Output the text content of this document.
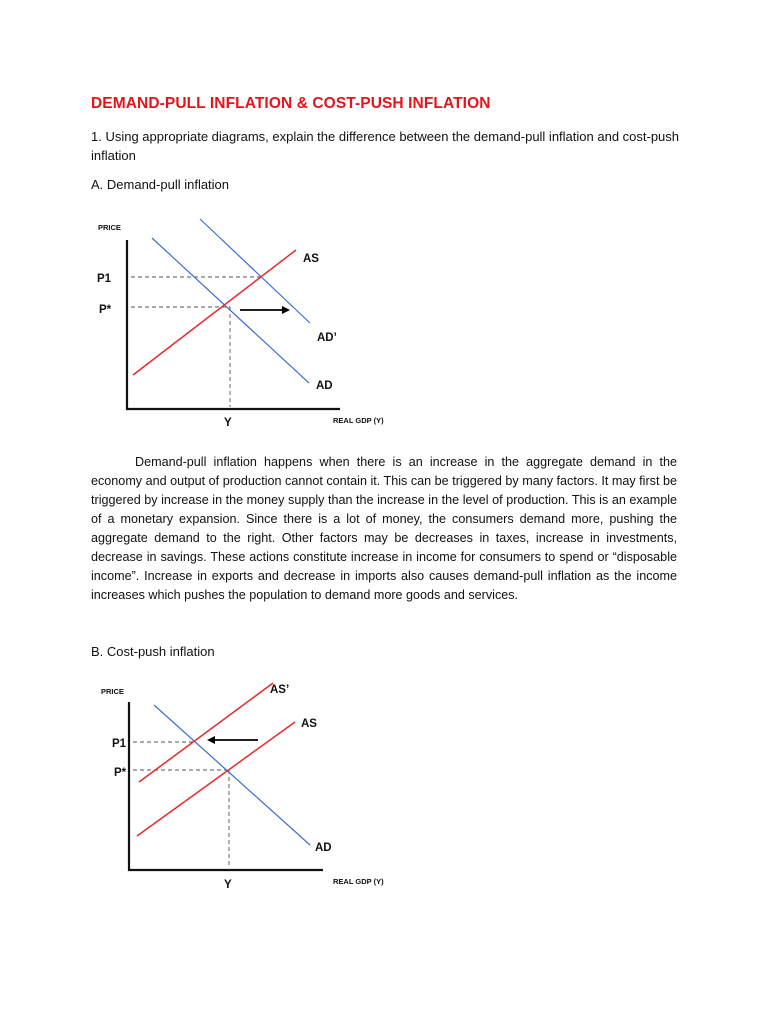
DEMAND-PULL INFLATION & COST-PUSH INFLATION

1. Using appropriate diagrams, explain the difference between the demand-pull inflation and cost-push inflation

A. Demand-pull inflation

PRICE
P1
P*
AS
AD’
AD
Y	REAL GDP (Y)

Demand-pull inflation happens when there is an increase in the aggregate demand in the economy and output of production cannot contain it. This can be triggered by many factors. It may first be triggered by increase in the money supply than the increase in the level of production. This is an example of a monetary expansion. Since there is a lot of money, the consumers demand more, pushing the aggregate demand to the right. Other factors may be decreases in taxes, increase in investments, decrease in savings. These actions constitute increase in income for consumers to spend or “disposable income”. Increase in exports and decrease in imports also causes demand-pull inflation as the income increases which pushes the population to demand more goods and services.

B. Cost-push inflation

PRICE
P1
P*
AS’
AS
AD
Y	REAL GDP (Y)
